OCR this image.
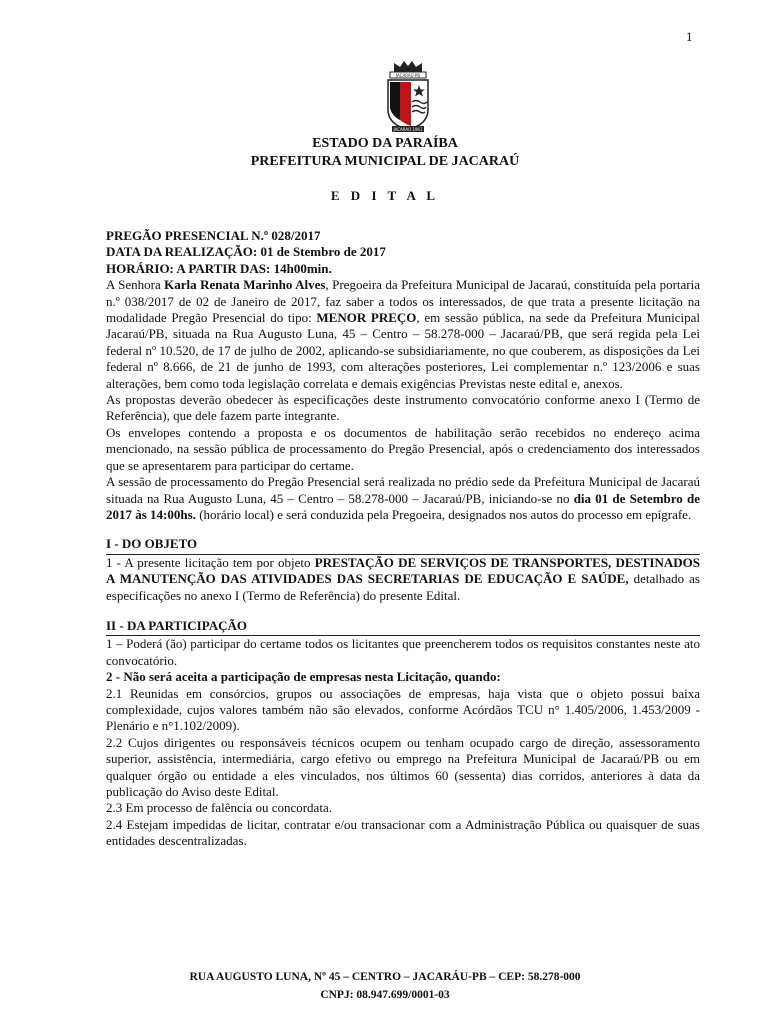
1
JACARAÚ-PB
JACARAÚ 1961
ESTADO DA PARAÍBA
PREFEITURA MUNICIPAL DE JACARAÚ
E D I T A L

PREGÃO PRESENCIAL N.º 028/2017

DATA DA REALIZAÇÃO: 01 de Stembro de 2017

HORÁRIO: A PARTIR DAS: 14h00min.

A Senhora Karla Renata Marinho Alves, Pregoeira da Prefeitura Municipal de Jacaraú, constituída pela portaria n.º 038/2017 de 02 de Janeiro de 2017, faz saber a todos os interessados, de que trata a presente licitação na modalidade Pregão Presencial do tipo: MENOR PREÇO, em sessão pública, na sede da Prefeitura Municipal Jacaraú/PB, situada na Rua Augusto Luna, 45 – Centro – 58.278-000 – Jacaraú/PB, que será regida pela Lei federal nº 10.520, de 17 de julho de 2002, aplicando-se subsidiariamente, no que couberem, as disposições da Lei federal nº 8.666, de 21 de junho de 1993, com alterações posteriores, Lei complementar n.º 123/2006 e suas alterações, bem como toda legislação correlata e demais exigências Previstas neste edital e, anexos.

As propostas deverão obedecer às especificações deste instrumento convocatório conforme anexo I (Termo de Referência), que dele fazem parte integrante.

Os envelopes contendo a proposta e os documentos de habilitação serão recebidos no endereço acima mencionado, na sessão pública de processamento do Pregão Presencial, após o credenciamento dos interessados que se apresentarem para participar do certame.

A sessão de processamento do Pregão Presencial será realizada no prédio sede da Prefeitura Municipal de Jacaraú situada na Rua Augusto Luna, 45 – Centro – 58.278-000 – Jacaraú/PB, iniciando-se no dia 01 de Setembro de 2017 às 14:00hs. (horário local) e será conduzida pela Pregoeira, designados nos autos do processo em epígrafe.

I - DO OBJETO

1 - A presente licitação tem por objeto PRESTAÇÃO DE SERVIÇOS DE TRANSPORTES, DESTINADOS A MANUTENÇÃO DAS ATIVIDADES DAS SECRETARIAS DE EDUCAÇÃO E SAÚDE, detalhado as especificações no anexo I (Termo de Referência) do presente Edital.

II - DA PARTICIPAÇÃO

1 – Poderá (ão) participar do certame todos os licitantes que preencherem todos os requisitos constantes neste ato convocatório.

2 - Não será aceita a participação de empresas nesta Licitação, quando:

2.1 Reunidas em consórcios, grupos ou associações de empresas, haja vista que o objeto possui baixa complexidade, cujos valores também não são elevados, conforme Acórdãos TCU n° 1.405/2006, 1.453/2009 - Plenário e n°1.102/2009).

2.2 Cujos dirigentes ou responsáveis técnicos ocupem ou tenham ocupado cargo de direção, assessoramento superior, assistência, intermediária, cargo efetivo ou emprego na Prefeitura Municipal de Jacaraú/PB ou em qualquer órgão ou entidade a eles vinculados, nos últimos 60 (sessenta) dias corridos, anteriores à data da publicação do Aviso deste Edital.

2.3 Em processo de falência ou concordata.

2.4 Estejam impedidas de licitar, contratar e/ou transacionar com a Administração Pública ou quaisquer de suas entidades descentralizadas.

RUA AUGUSTO LUNA, Nº 45 – CENTRO – JACARÁU-PB – CEP: 58.278-000
CNPJ: 08.947.699/0001-03
